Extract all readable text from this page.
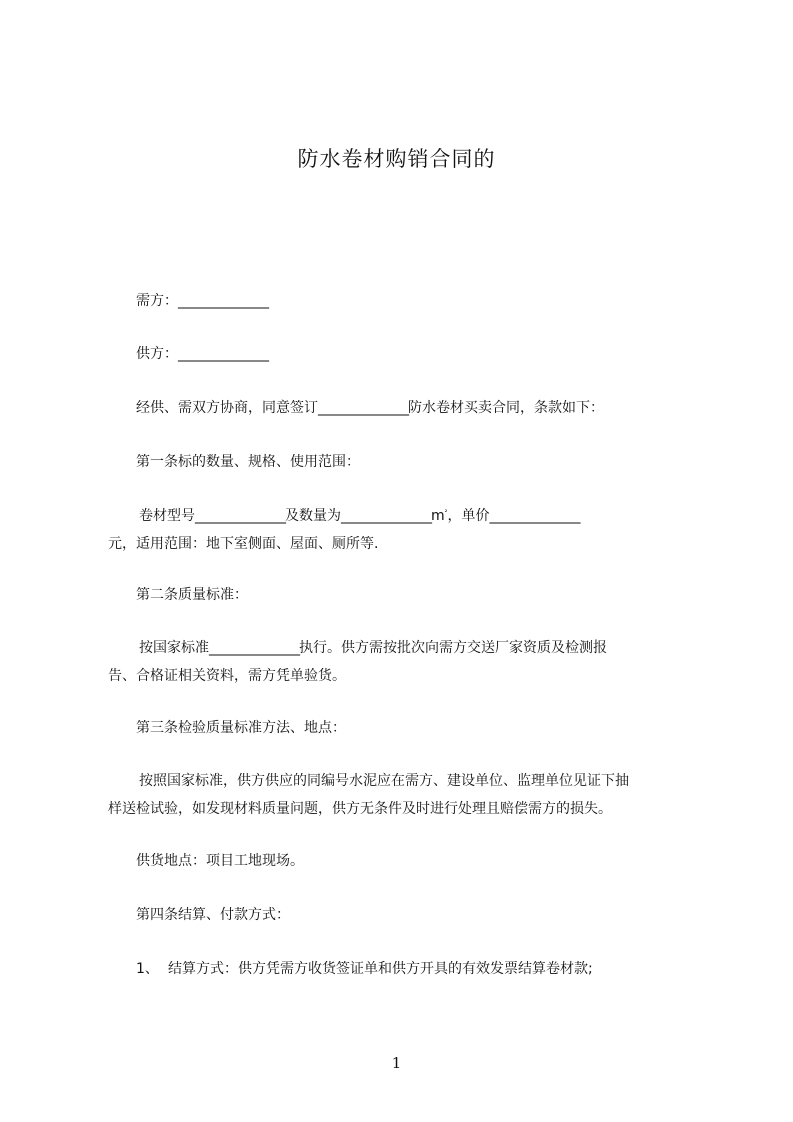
防水卷材购销合同的
需方：_______________
供方：_______________
经供、需双方协商，同意签订_______________防水卷材买卖合同，条款如下：
第一条标的数量、规格、使用范围：
卷材型号_______________及数量为$\_\_\_\_\_\_\_\_\_\_\_\_\_\_\_m^{^2}$，单价_______________
元，适用范围：地下室侧面、屋面、厕所等.
第二条质量标准：
按国家标准_______________执行。供方需按批次向需方交送厂家资质及检测报
告、合格证相关资料，需方凭单验货。
第三条检验质量标准方法、地点：
按照国家标准，供方供应的同编号水泥应在需方、建设单位、监理单位见证下抽
样送检试验，如发现材料质量问题，供方无条件及时进行处理且赔偿需方的损失。
供货地点：项目工地现场。
第四条结算、付款方式：
1、 结算方式：供方凭需方收货签证单和供方开具的有效发票结算卷材款;
1
